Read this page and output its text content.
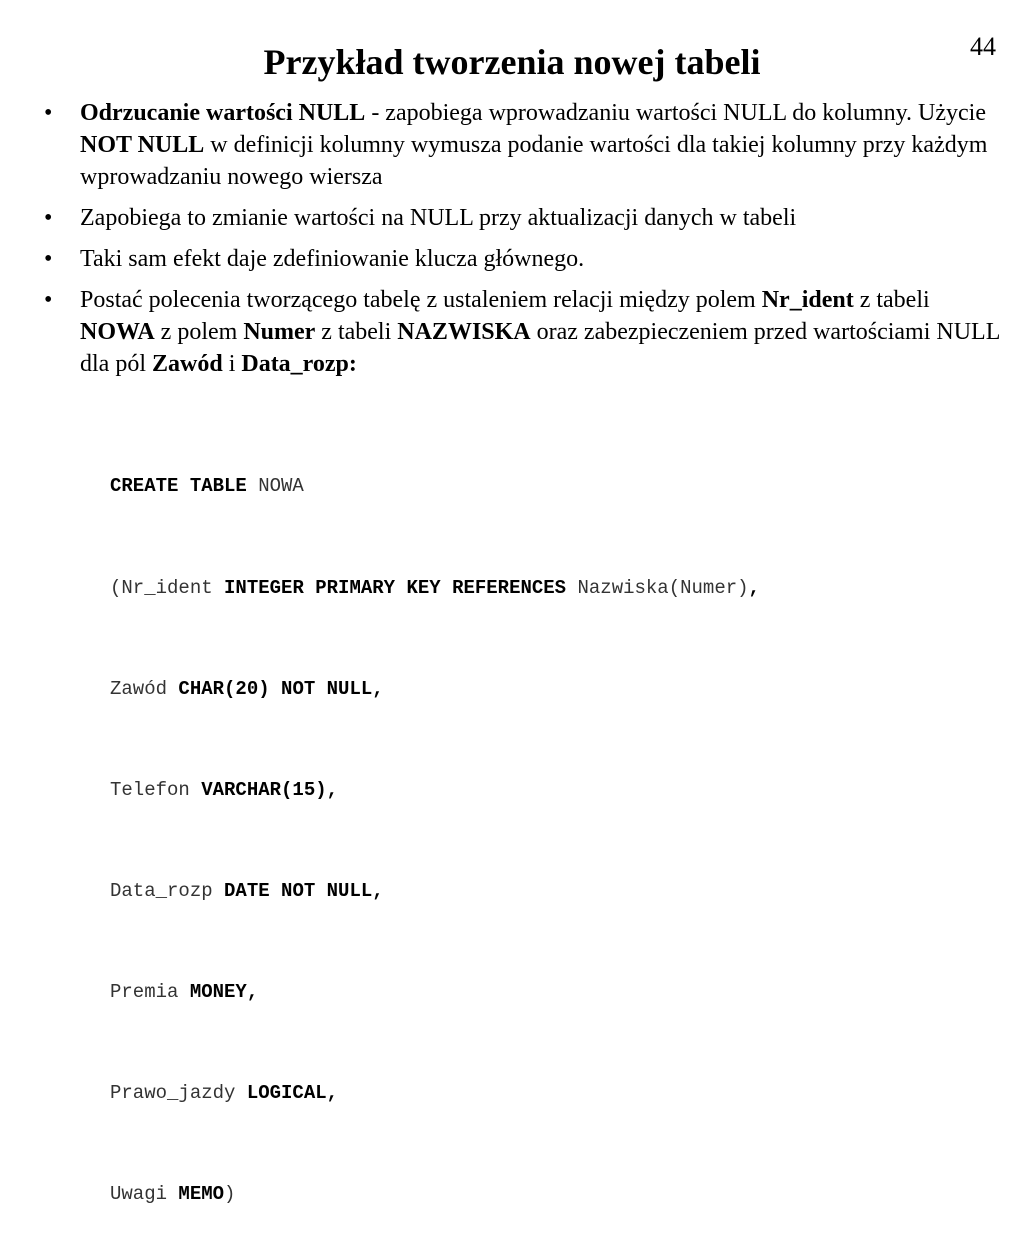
44
Przykład tworzenia nowej tabeli
• Odrzucanie wartości NULL - zapobiega wprowadzaniu wartości NULL do kolumny. Użycie NOT NULL w definicji kolumny wymusza podanie wartości dla takiej kolumny przy każdym wprowadzaniu nowego wiersza
• Zapobiega to zmianie wartości na NULL przy aktualizacji danych w tabeli
• Taki sam efekt daje zdefiniowanie klucza głównego.
• Postać polecenia tworzącego tabelę z ustaleniem relacji między polem Nr_ident z tabeli NOWA z polem Numer z tabeli NAZWISKA oraz zabezpieczeniem przed wartościami NULL dla pól Zawód i Data_rozp:

CREATE TABLE NOWA

(Nr_ident INTEGER PRIMARY KEY REFERENCES Nazwiska(Numer),

Zawód CHAR(20) NOT NULL,

Telefon VARCHAR(15),

Data_rozp DATE NOT NULL,

Premia MONEY,

Prawo_jazdy LOGICAL,

Uwagi MEMO)
